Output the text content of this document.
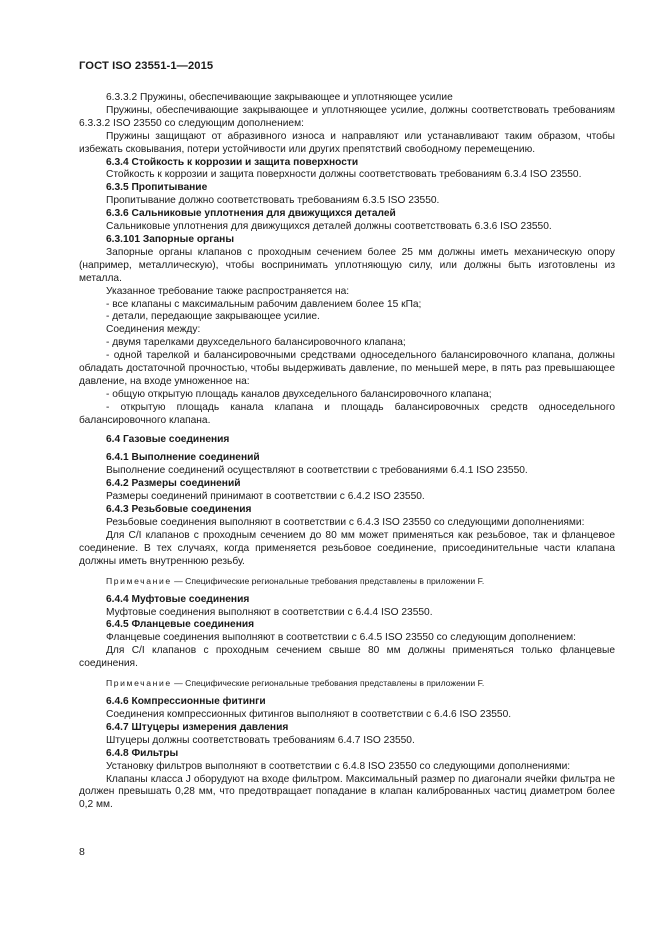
ГОСТ ISO 23551-1—2015

6.3.3.2 Пружины, обеспечивающие закрывающее и уплотняющее усилие

Пружины, обеспечивающие закрывающее и уплотняющее усилие, должны соответствовать требованиям 6.3.3.2 ISO 23550 со следующим дополнением:

Пружины защищают от абразивного износа и направляют или устанавливают таким образом, чтобы избежать сковывания, потери устойчивости или других препятствий свободному перемещению.

6.3.4 Стойкость к коррозии и защита поверхности

Стойкость к коррозии и защита поверхности должны соответствовать требованиям 6.3.4 ISO 23550.

6.3.5 Пропитывание

Пропитывание должно соответствовать требованиям 6.3.5 ISO 23550.

6.3.6 Сальниковые уплотнения для движущихся деталей

Сальниковые уплотнения для движущихся деталей должны соответствовать 6.3.6 ISO 23550.

6.3.101 Запорные органы

Запорные органы клапанов с проходным сечением более 25 мм должны иметь механическую опору (например, металлическую), чтобы воспринимать уплотняющую силу, или должны быть изготовлены из металла.

Указанное требование также распространяется на:

- все клапаны с максимальным рабочим давлением более 15 кПа;

- детали, передающие закрывающее усилие.

Соединения между:

- двумя тарелками двухседельного балансировочного клапана;

- одной тарелкой и балансировочными средствами односедельного балансировочного клапана, должны обладать достаточной прочностью, чтобы выдерживать давление, по меньшей мере, в пять раз превышающее давление, на входе умноженное на:

- общую открытую площадь каналов двухседельного балансировочного клапана;

- открытую площадь канала клапана и площадь балансировочных средств односедельного балансировочного клапана.

6.4 Газовые соединения

6.4.1 Выполнение соединений

Выполнение соединений осуществляют в соответствии с требованиями 6.4.1 ISO 23550.

6.4.2 Размеры соединений

Размеры соединений принимают в соответствии с 6.4.2 ISO 23550.

6.4.3 Резьбовые соединения

Резьбовые соединения выполняют в соответствии с 6.4.3 ISO 23550 со следующими дополнениями:

Для C/I клапанов с проходным сечением до 80 мм может применяться как резьбовое, так и фланцевое соединение. В тех случаях, когда применяется резьбовое соединение, присоединительные части клапана должны иметь внутреннюю резьбу.

Примечание — Специфические региональные требования представлены в приложении F.

6.4.4 Муфтовые соединения

Муфтовые соединения выполняют в соответствии с 6.4.4 ISO 23550.

6.4.5 Фланцевые соединения

Фланцевые соединения выполняют в соответствии с 6.4.5 ISO 23550 со следующим дополнением:

Для C/I клапанов с проходным сечением свыше 80 мм должны применяться только фланцевые соединения.

Примечание — Специфические региональные требования представлены в приложении F.

6.4.6 Компрессионные фитинги

Соединения компрессионных фитингов выполняют в соответствии с 6.4.6 ISO 23550.

6.4.7 Штуцеры измерения давления

Штуцеры должны соответствовать требованиям 6.4.7 ISO 23550.

6.4.8 Фильтры

Установку фильтров выполняют в соответствии с 6.4.8 ISO 23550 со следующими дополнениями:

Клапаны класса J оборудуют на входе фильтром. Максимальный размер по диагонали ячейки фильтра не должен превышать 0,28 мм, что предотвращает попадание в клапан калиброванных частиц диаметром более 0,2 мм.

8
